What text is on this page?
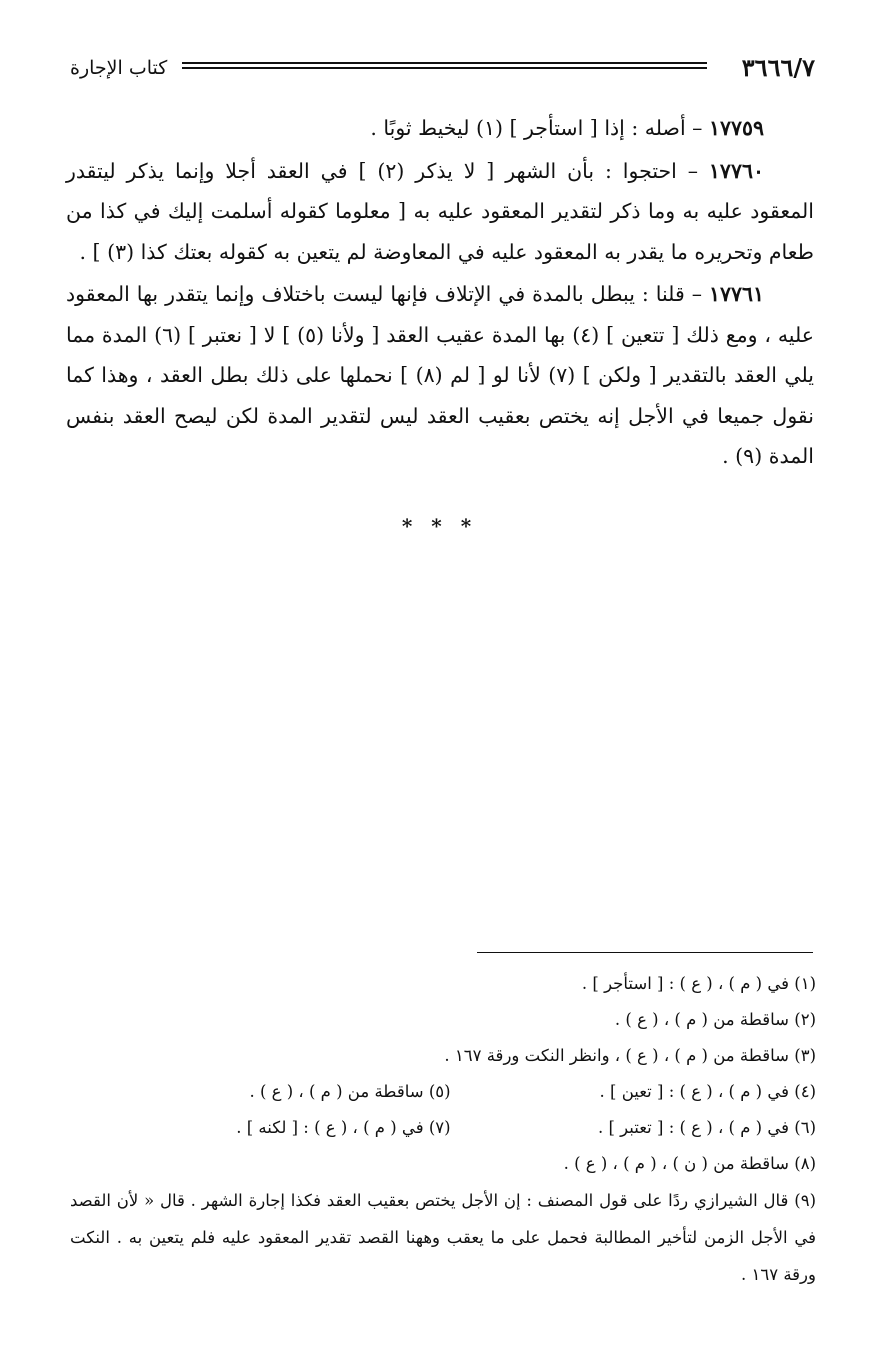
٣٦٦٦/٧
كتاب الإجارة

١٧٧٥٩ – أصله : إذا [ استأجر ] (١) ليخيط ثوبًا .

١٧٧٦٠ – احتجوا : بأن الشهر [ لا يذكر (٢) ] في العقد أجلا وإنما يذكر ليتقدر المعقود عليه به وما ذكر لتقدير المعقود عليه به [ معلوما كقوله أسلمت إليك في كذا من طعام وتحريره ما يقدر به المعقود عليه في المعاوضة لم يتعين به كقوله بعتك كذا (٣) ] .

١٧٧٦١ – قلنا : يبطل بالمدة في الإتلاف فإنها ليست باختلاف وإنما يتقدر بها المعقود عليه ، ومع ذلك [ تتعين ] (٤) بها المدة عقيب العقد [ ولأنا (٥) ] لا [ نعتبر ] (٦) المدة مما يلي العقد بالتقدير [ ولكن ] (٧) لأنا لو [ لم (٨) ] نحملها على ذلك بطل العقد ، وهذا كما نقول جميعا في الأجل إنه يختص بعقيب العقد ليس لتقدير المدة لكن ليصح العقد بنفس المدة (٩) .

* * *
(١) في ( م ) ، ( ع ) : [ استأجر ] .
(٢) ساقطة من ( م ) ، ( ع ) .
(٣) ساقطة من ( م ) ، ( ع ) ، وانظر النكت ورقة ١٦٧ .
(٤) في ( م ) ، ( ع ) : [ تعين ] .
(٥) ساقطة من ( م ) ، ( ع ) .
(٦) في ( م ) ، ( ع ) : [ تعتبر ] .
(٧) في ( م ) ، ( ع ) : [ لكنه ] .
(٨) ساقطة من ( ن ) ، ( م ) ، ( ع ) .
(٩) قال الشيرازي ردًا على قول المصنف : إن الأجل يختص بعقيب العقد فكذا إجارة الشهر . قال « لأن القصد في الأجل الزمن لتأخير المطالبة فحمل على ما يعقب وههنا القصد تقدير المعقود عليه فلم يتعين به . النكت ورقة ١٦٧ .
